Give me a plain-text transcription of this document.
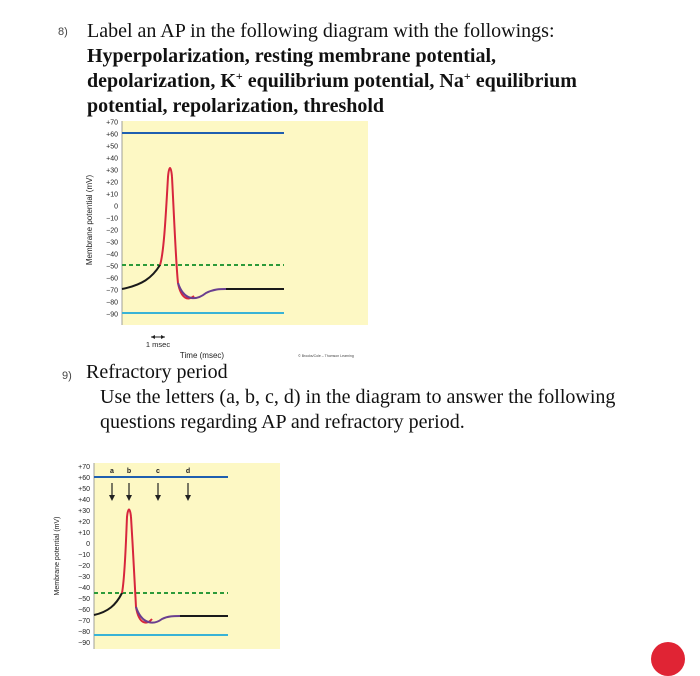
8) Label an AP in the following diagram with the followings:
Hyperpolarization, resting membrane potential,
depolarization, K+ equilibrium potential, Na+ equilibrium
potential, repolarization, threshold
+70
+60
+50
+40
+30
+20
+10
0
−10
−20
−30
−40
−50
−60
−70
−80
−90
Membrane potential (mV)
1 msec
Time (msec)	© Brooks/Cole – Thomson Learning
9) Refractory period
Use the letters (a, b, c, d) in the diagram to answer the following
questions regarding AP and refractory period.
+70
+60
+50
+40
+30
+20
+10
0
−10
−20
−30
−40
−50
−60
−70
−80
−90
Membrane potential (mV)
a b	c	d
